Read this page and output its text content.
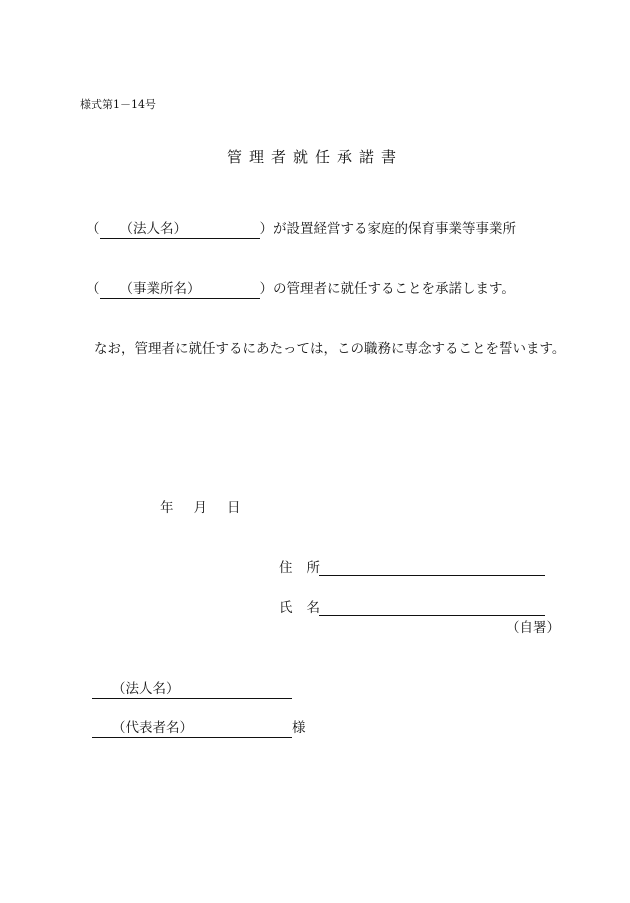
様式第1－14号
管理者就任承諾書
（ （法人名）	）が設置経営する家庭的保育事業等事業所
（ （事業所名）	）の管理者に就任することを承諾します。
なお，管理者に就任するにあたっては，この職務に専念することを誓います。
年 月 日
住所
氏名
（自署）
（法人名）
（代表者名）	様
